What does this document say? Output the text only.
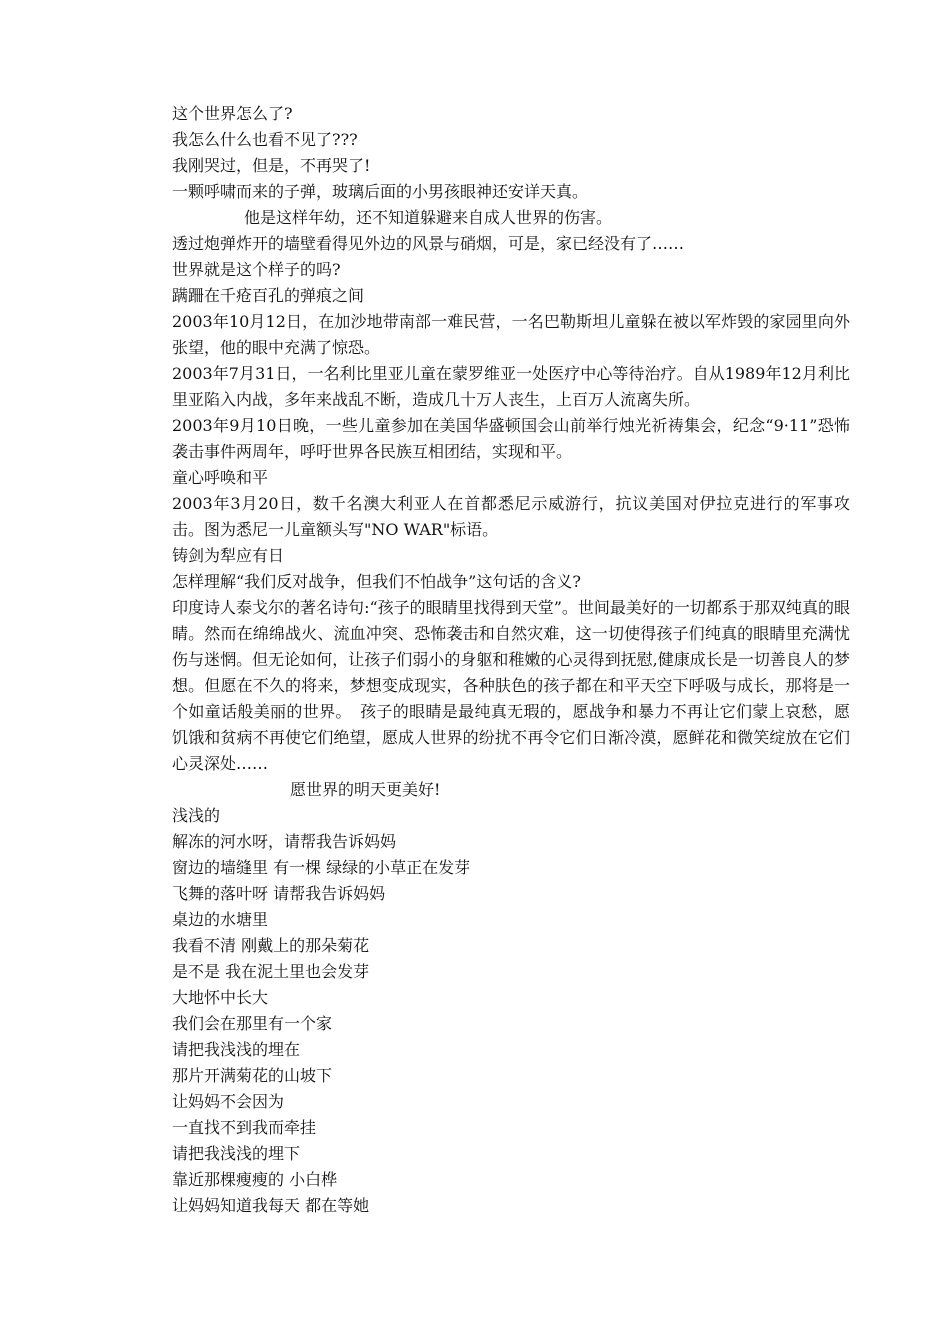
这个世界怎么了?

我怎么什么也看不见了???

我刚哭过，但是，不再哭了!

一颗呼啸而来的子弹，玻璃后面的小男孩眼神还安详天真。

他是这样年幼，还不知道躲避来自成人世界的伤害。

透过炮弹炸开的墙壁看得见外边的风景与硝烟，可是，家已经没有了……

世界就是这个样子的吗?

蹒跚在千疮百孔的弹痕之间

2003年10月12日，在加沙地带南部一难民营，一名巴勒斯坦儿童躲在被以军炸毁的家园里向外张望，他的眼中充满了惊恐。

2003年7月31日，一名利比里亚儿童在蒙罗维亚一处医疗中心等待治疗。自从1989年12月利比里亚陷入内战，多年来战乱不断，造成几十万人丧生，上百万人流离失所。

2003年9月10日晚，一些儿童参加在美国华盛顿国会山前举行烛光祈祷集会，纪念“9·11”恐怖袭击事件两周年，呼吁世界各民族互相团结，实现和平。

童心呼唤和平

2003年3月20日，数千名澳大利亚人在首都悉尼示威游行，抗议美国对伊拉克进行的军事攻击。图为悉尼一儿童额头写"NO WAR"标语。

铸剑为犁应有日

怎样理解“我们反对战争，但我们不怕战争”这句话的含义?

印度诗人泰戈尔的著名诗句:“孩子的眼睛里找得到天堂”。世间最美好的一切都系于那双纯真的眼睛。然而在绵绵战火、流血冲突、恐怖袭击和自然灾难，这一切使得孩子们纯真的眼睛里充满忧伤与迷惘。但无论如何，让孩子们弱小的身躯和稚嫩的心灵得到抚慰,健康成长是一切善良人的梦想。但愿在不久的将来，梦想变成现实，各种肤色的孩子都在和平天空下呼吸与成长，那将是一个如童话般美丽的世界。　孩子的眼睛是最纯真无瑕的，愿战争和暴力不再让它们蒙上哀愁，愿饥饿和贫病不再使它们绝望，愿成人世界的纷扰不再令它们日渐冷漠，愿鲜花和微笑绽放在它们心灵深处……

愿世界的明天更美好!

浅浅的

解冻的河水呀，请帮我告诉妈妈

窗边的墙缝里 有一棵 绿绿的小草正在发芽

飞舞的落叶呀 请帮我告诉妈妈

桌边的水塘里

我看不清 刚戴上的那朵菊花

是不是 我在泥土里也会发芽

大地怀中长大

我们会在那里有一个家

请把我浅浅的埋在

那片开满菊花的山坡下

让妈妈不会因为

一直找不到我而牵挂

请把我浅浅的埋下

靠近那棵瘦瘦的 小白桦

让妈妈知道我每天 都在等她
